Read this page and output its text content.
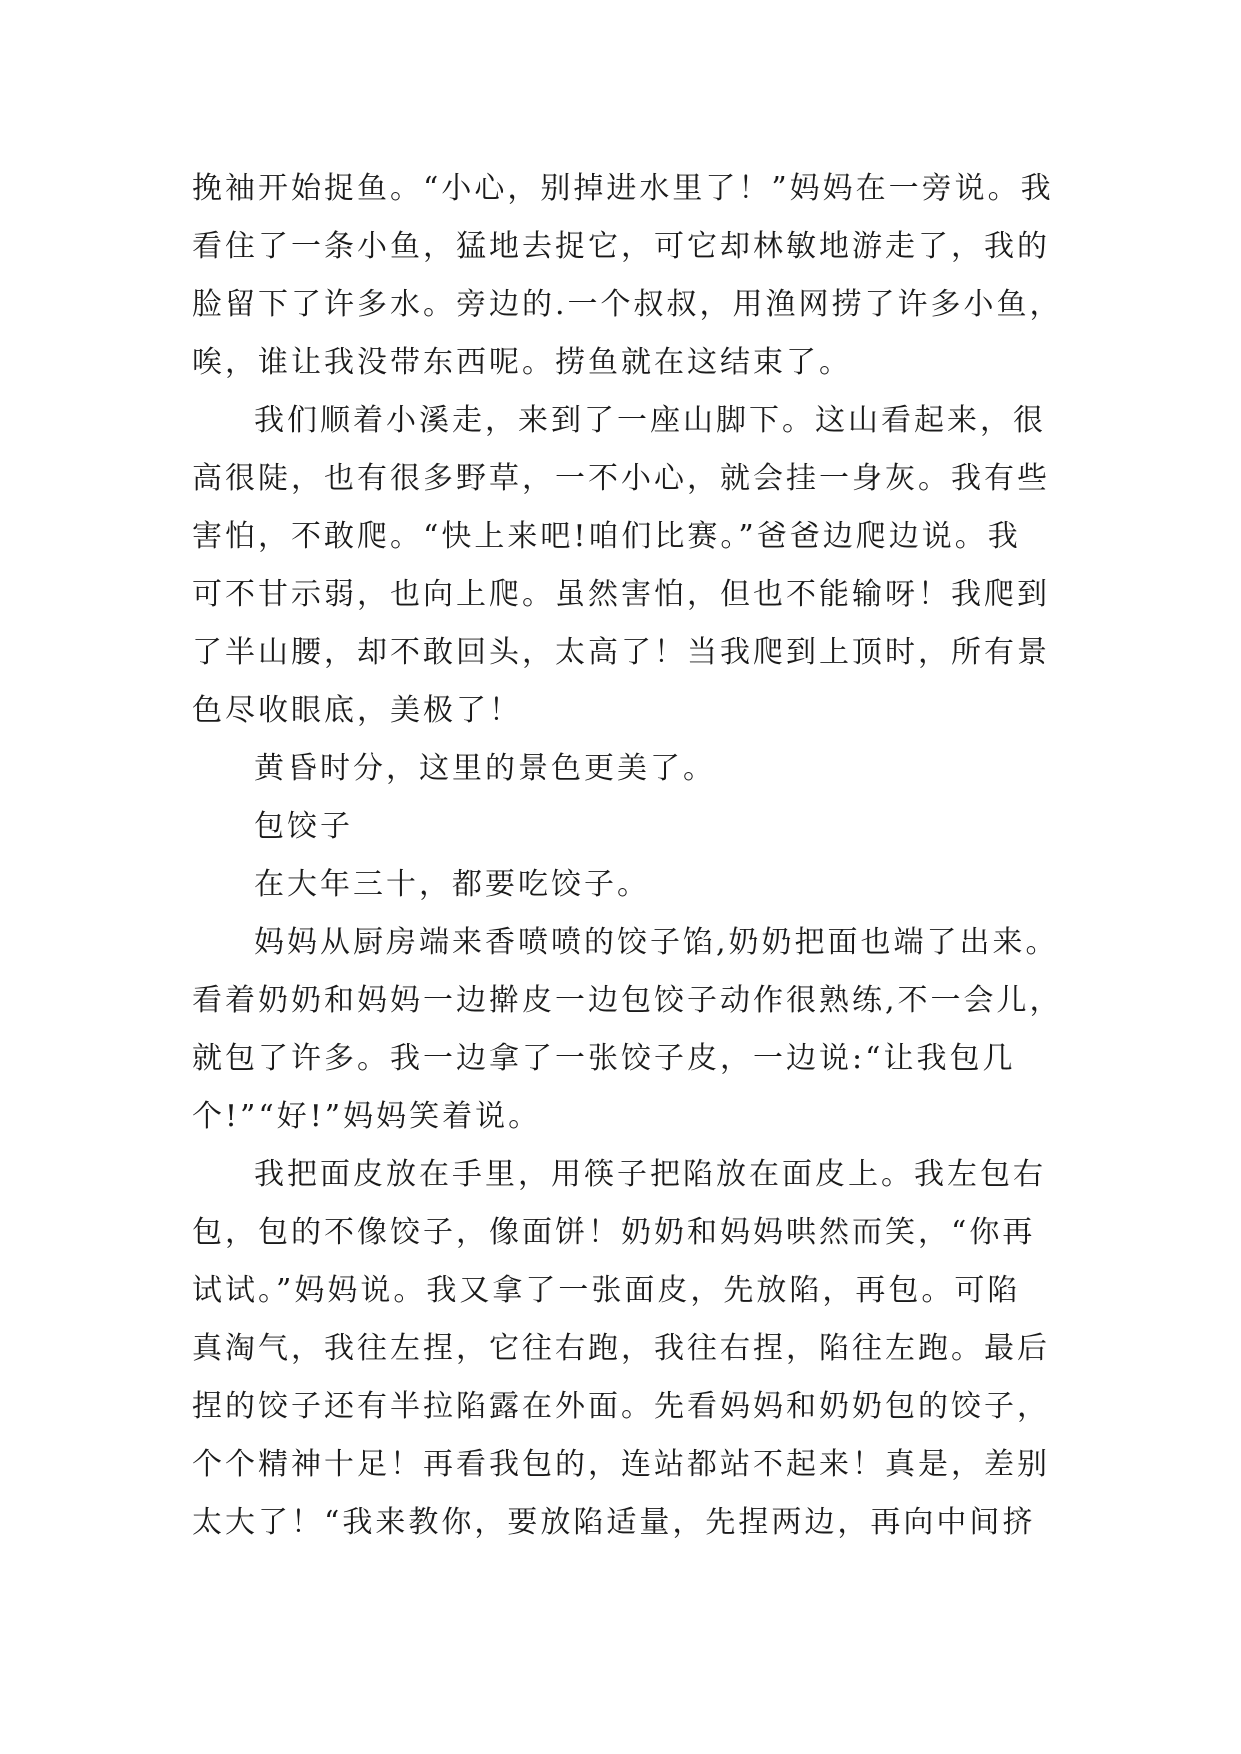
挽袖开始捉鱼。“小心，别掉进水里了！”妈妈在一旁说。我
看住了一条小鱼，猛地去捉它，可它却林敏地游走了，我的
脸留下了许多水。旁边的.一个叔叔，用渔网捞了许多小鱼，
唉，谁让我没带东西呢。捞鱼就在这结束了。
我们顺着小溪走，来到了一座山脚下。这山看起来，很
高很陡，也有很多野草，一不小心，就会挂一身灰。我有些
害怕，不敢爬。“快上来吧!咱们比赛。”爸爸边爬边说。我
可不甘示弱，也向上爬。虽然害怕，但也不能输呀！我爬到
了半山腰，却不敢回头，太高了！当我爬到上顶时，所有景
色尽收眼底，美极了！
黄昏时分，这里的景色更美了。
包饺子
在大年三十，都要吃饺子。
妈妈从厨房端来香喷喷的饺子馅,奶奶把面也端了出来。
看着奶奶和妈妈一边擀皮一边包饺子动作很熟练,不一会儿，
就包了许多。我一边拿了一张饺子皮，一边说:“让我包几
个!”“好!”妈妈笑着说。
我把面皮放在手里，用筷子把陷放在面皮上。我左包右
包，包的不像饺子，像面饼！奶奶和妈妈哄然而笑，“你再
试试。”妈妈说。我又拿了一张面皮，先放陷，再包。可陷
真淘气，我往左捏，它往右跑，我往右捏，陷往左跑。最后
捏的饺子还有半拉陷露在外面。先看妈妈和奶奶包的饺子，
个个精神十足！再看我包的，连站都站不起来！真是，差别
太大了！“我来教你，要放陷适量，先捏两边，再向中间挤
